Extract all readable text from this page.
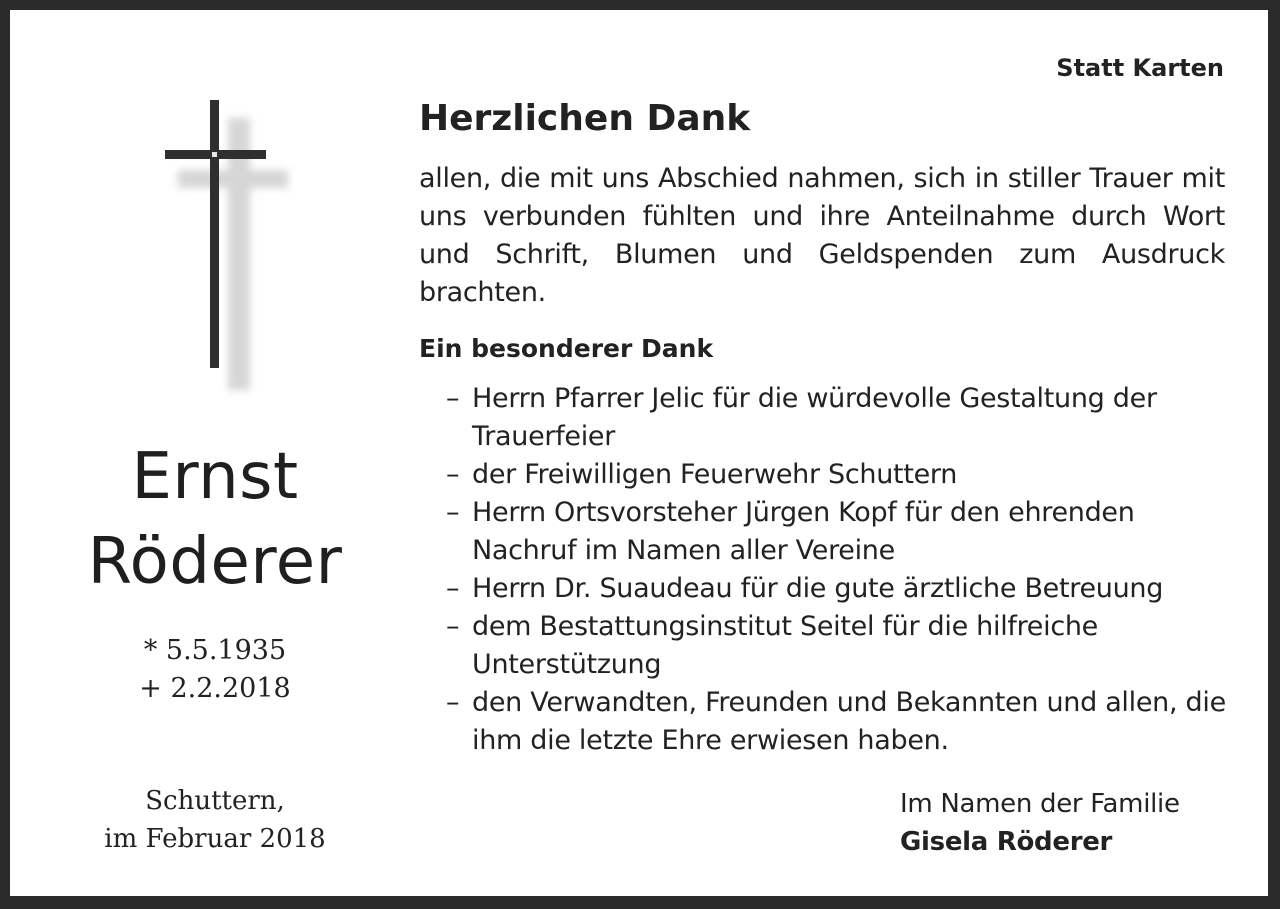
Ernst
Röderer
* 5.5.1935
+ 2.2.2018
Schuttern,
im Februar 2018
Statt Karten
Herzlichen Dank
allen, die mit uns Abschied nahmen, sich in stiller Trauer mit uns verbunden fühlten und ihre Anteilnahme durch Wort und Schrift, Blumen und Geldspenden zum Ausdruck brachten.
Ein besonderer Dank
– Herrn Pfarrer Jelic für die würdevolle Gestaltung der Trauerfeier
– der Freiwilligen Feuerwehr Schuttern
– Herrn Ortsvorsteher Jürgen Kopf für den ehrenden Nachruf im Namen aller Vereine
– Herrn Dr. Suaudeau für die gute ärztliche Betreuung
– dem Bestattungsinstitut Seitel für die hilfreiche Unterstützung
– den Verwandten, Freunden und Bekannten und allen, die ihm die letzte Ehre erwiesen haben.
Im Namen der Familie
Gisela Röderer
